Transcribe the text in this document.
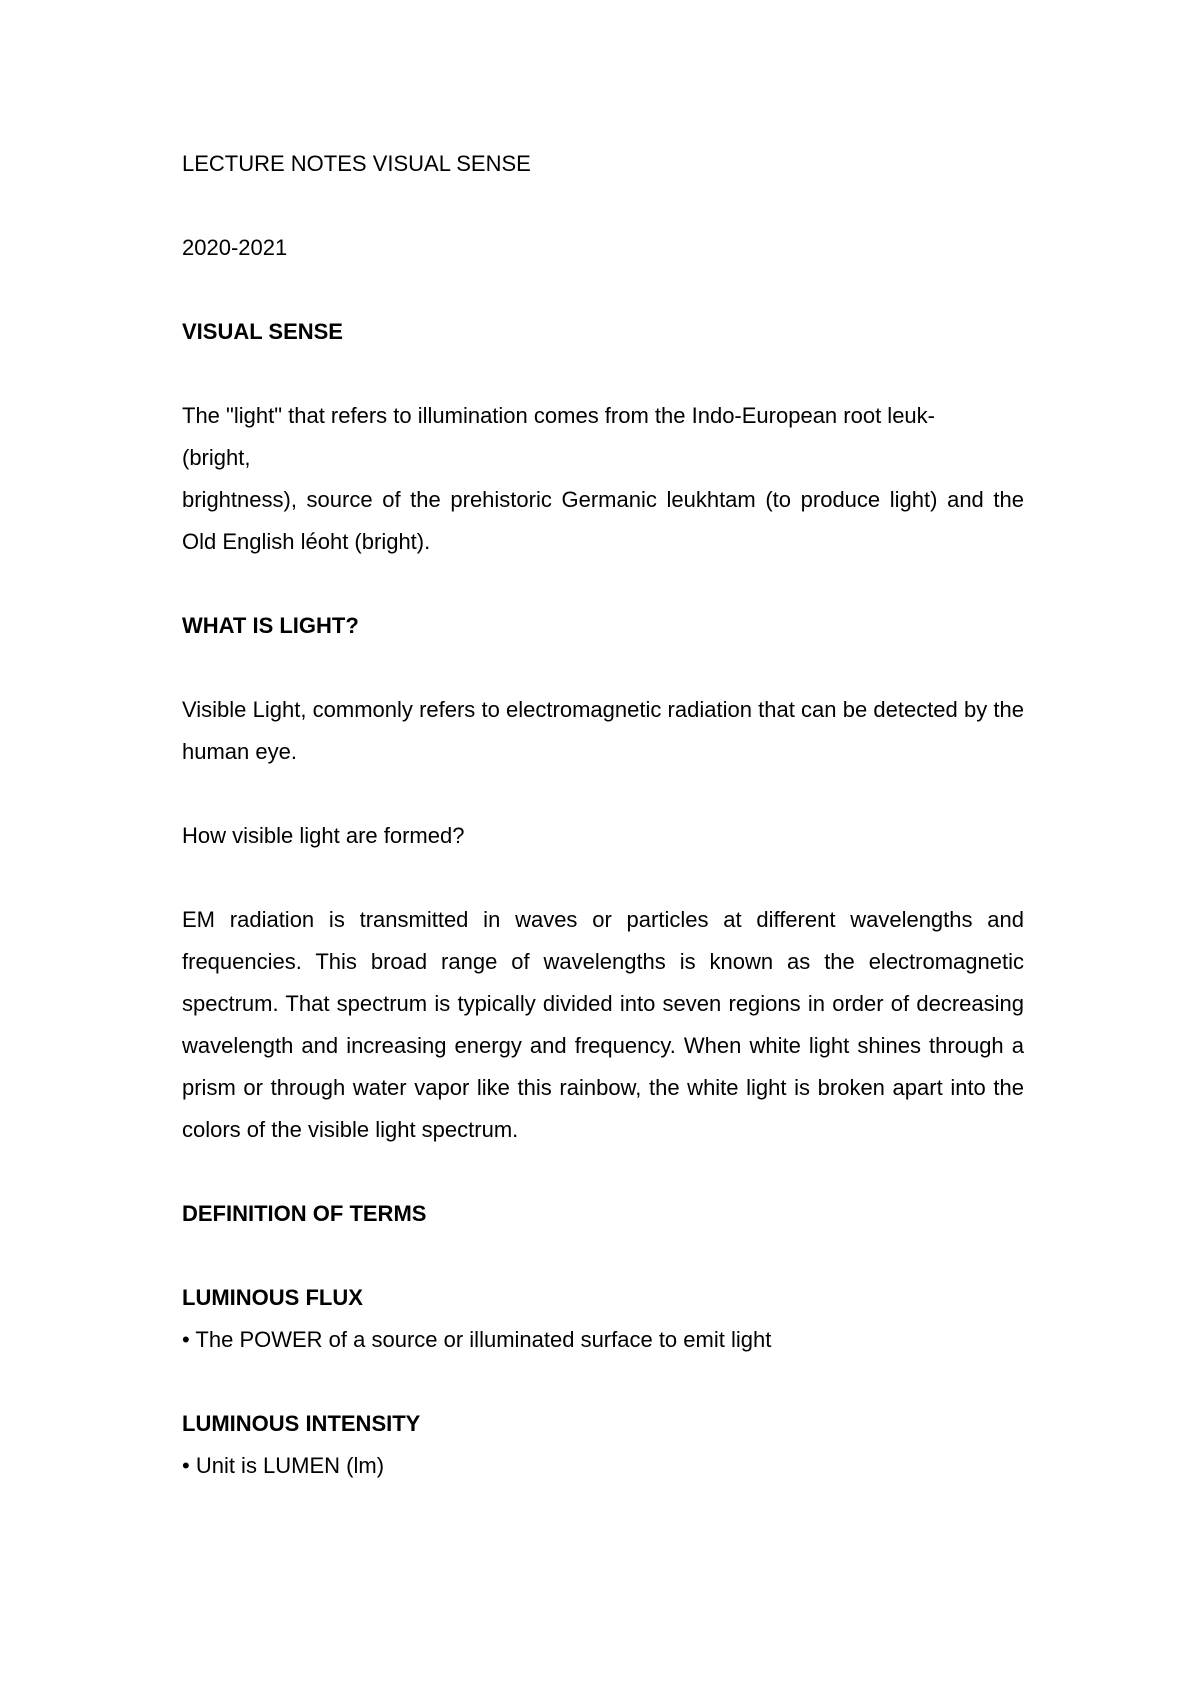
LECTURE NOTES VISUAL SENSE

2020-2021

VISUAL SENSE

The "light" that refers to illumination comes from the Indo-European root leuk-

(bright,

brightness), source of the prehistoric Germanic leukhtam (to produce light) and the Old English léoht (bright).

WHAT IS LIGHT?

Visible Light, commonly refers to electromagnetic radiation that can be detected by the human eye.

How visible light are formed?

EM radiation is transmitted in waves or particles at different wavelengths and frequencies. This broad range of wavelengths is known as the electromagnetic spectrum. That spectrum is typically divided into seven regions in order of decreasing wavelength and increasing energy and frequency. When white light shines through a prism or through water vapor like this rainbow, the white light is broken apart into the colors of the visible light spectrum.

DEFINITION OF TERMS

LUMINOUS FLUX

• The POWER of a source or illuminated surface to emit light

LUMINOUS INTENSITY

• Unit is LUMEN (lm)
